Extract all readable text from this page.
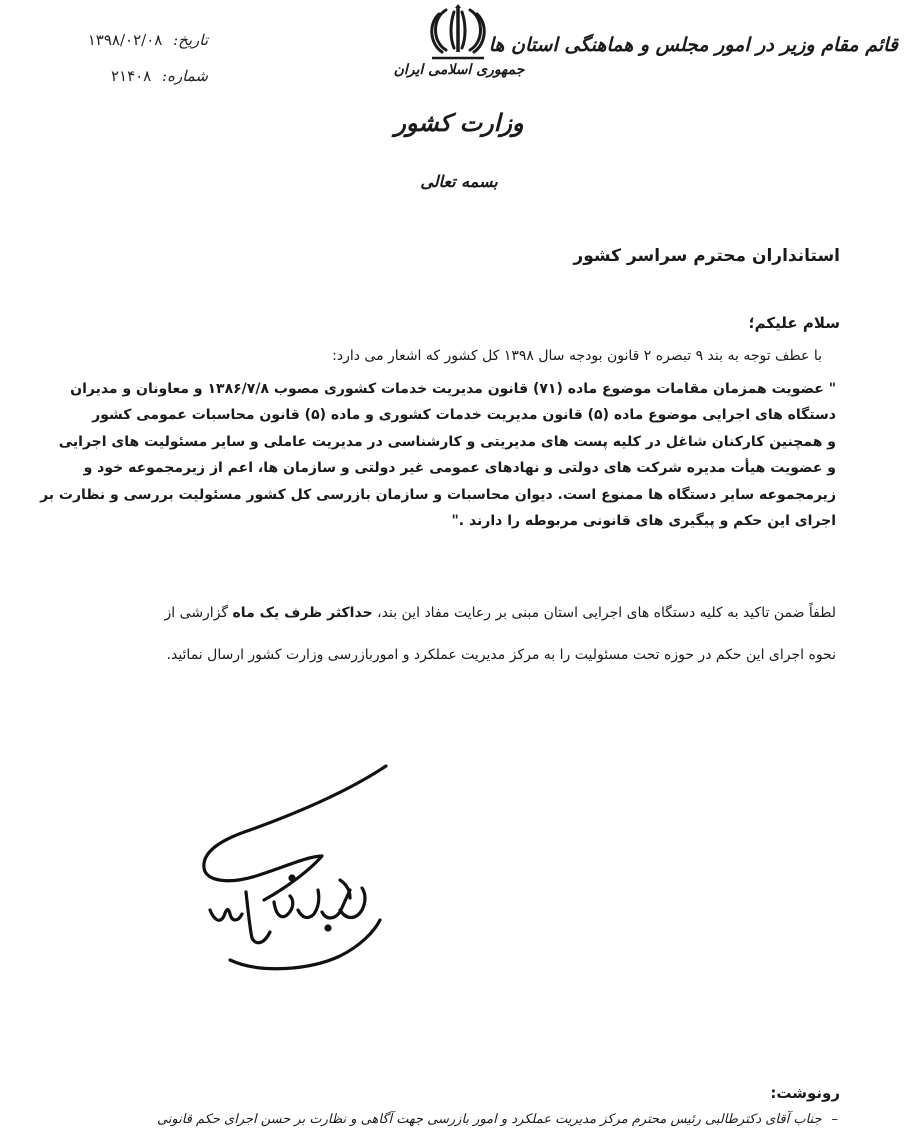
تاریخ: ۱۳۹۸/۰۲/۰۸
شماره: ۲۱۴۰۸	جمهوری اسلامی ایران
وزارت کشور
بسمه تعالی
قائم مقام وزیر در امور مجلس و هماهنگی استان ها
استانداران محترم سراسر کشور
سلام علیکم؛
با عطف توجه به بند ۹ تبصره ۲ قانون بودجه سال ۱۳۹۸ کل کشور که اشعار می دارد:

" عضویت همزمان مقامات موضوع ماده (۷۱) قانون مدیریت خدمات کشوری مصوب ۱۳۸۶/۷/۸ و معاونان و مدیران

دستگاه های اجرایی موضوع ماده (۵) قانون مدیریت خدمات کشوری و ماده (۵) قانون محاسبات عمومی کشور

و همچنین کارکنان شاغل در کلیه پست های مدیریتی و کارشناسی در مدیریت عاملی و سایر مسئولیت های اجرایی

و عضویت هیأت مدیره شرکت های دولتی و نهادهای عمومی غیر دولتی و سازمان ها، اعم از زیرمجموعه خود و

زیرمجموعه سایر دستگاه ها ممنوع است. دیوان محاسبات و سازمان بازرسی کل کشور مسئولیت بررسی و نظارت بر

اجرای این حکم و پیگیری های قانونی مربوطه را دارند ."

لطفاً ضمن تاکید به کلیه دستگاه های اجرایی استان مبنی بر رعایت مفاد این بند، حداکثر ظرف یک ماه گزارشی از

نحوه اجرای این حکم در حوزه تحت مسئولیت را به مرکز مدیریت عملکرد و اموربازرسی وزارت کشور ارسال نمائید.

رونوشت:
–جناب آقای دکترطالبی رئیس محترم مرکز مدیریت عملکرد و امور بازرسی جهت آگاهی و نظارت بر حسن اجرای حکم قانونی
